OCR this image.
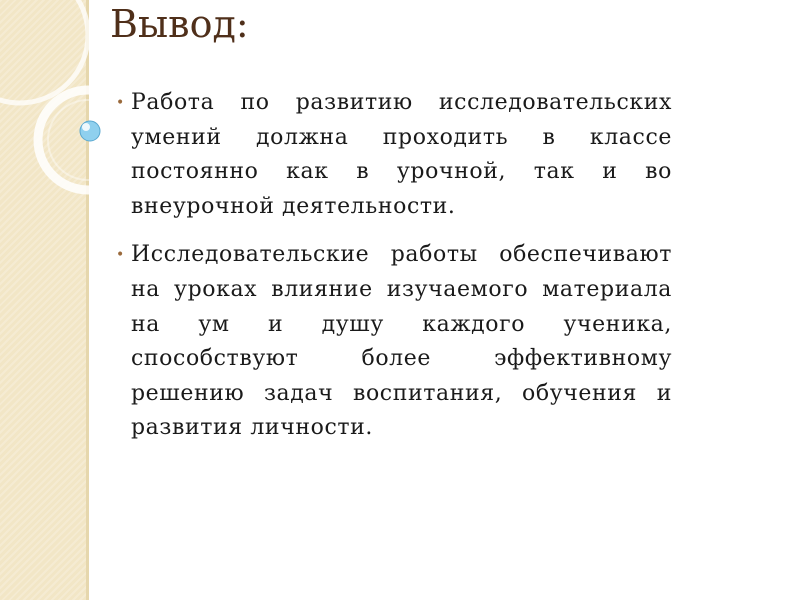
Вывод:
• Работа по развитию исследовательских умений должна проходить в классе постоянно как в урочной, так и во внеурочной деятельности.
• Исследовательские работы обеспечивают на уроках влияние изучаемого материала на ум и душу каждого ученика, способствуют более эффективному решению задач воспитания, обучения и развития личности.
